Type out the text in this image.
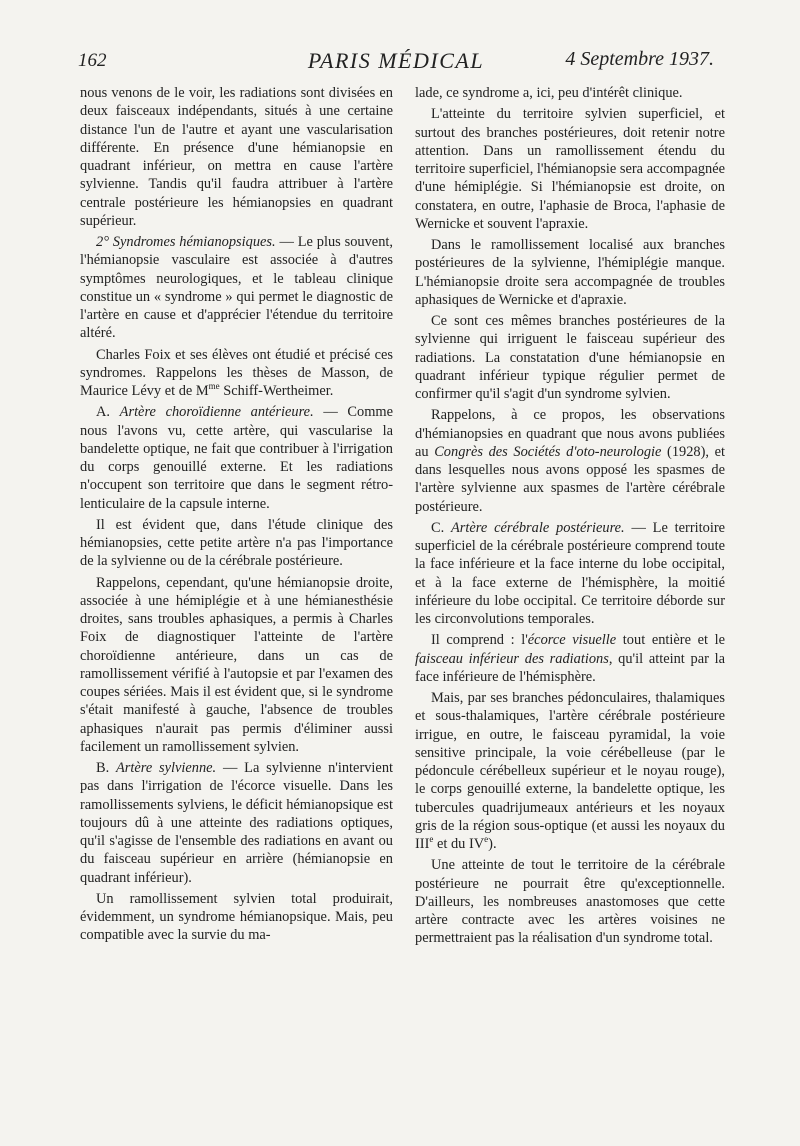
162	PARIS MÉDICAL	4 Septembre 1937.

nous venons de le voir, les radiations sont divisées en deux faisceaux indépendants, situés à une certaine distance l'un de l'autre et ayant une vascularisation différente. En présence d'une hémianopsie en quadrant inférieur, on mettra en cause l'artère sylvienne. Tandis qu'il faudra attribuer à l'artère centrale postérieure les hémianopsies en quadrant supérieur.

2° Syndromes hémianopsiques. — Le plus souvent, l'hémianopsie vasculaire est associée à d'autres symptômes neurologiques, et le tableau clinique constitue un « syndrome » qui permet le diagnostic de l'artère en cause et d'apprécier l'étendue du territoire altéré.

Charles Foix et ses élèves ont étudié et précisé ces syndromes. Rappelons les thèses de Masson, de Maurice Lévy et de $M^{me}$ Schiff-Wertheimer.

A. Artère choroïdienne antérieure. — Comme nous l'avons vu, cette artère, qui vascularise la bandelette optique, ne fait que contribuer à l'irrigation du corps genouillé externe. Et les radiations n'occupent son territoire que dans le segment rétro-lenticulaire de la capsule interne.

Il est évident que, dans l'étude clinique des hémianopsies, cette petite artère n'a pas l'importance de la sylvienne ou de la cérébrale postérieure.

Rappelons, cependant, qu'une hémianopsie droite, associée à une hémiplégie et à une hémianesthésie droites, sans troubles aphasiques, a permis à Charles Foix de diagnostiquer l'atteinte de l'artère choroïdienne antérieure, dans un cas de ramollissement vérifié à l'autopsie et par l'examen des coupes sériées. Mais il est évident que, si le syndrome s'était manifesté à gauche, l'absence de troubles aphasiques n'aurait pas permis d'éliminer aussi facilement un ramollissement sylvien.

B. Artère sylvienne. — La sylvienne n'intervient pas dans l'irrigation de l'écorce visuelle. Dans les ramollissements sylviens, le déficit hémianopsique est toujours dû à une atteinte des radiations optiques, qu'il s'agisse de l'ensemble des radiations en avant ou du faisceau supérieur en arrière (hémianopsie en quadrant inférieur).

Un ramollissement sylvien total produirait, évidemment, un syndrome hémianopsique. Mais, peu compatible avec la survie du ma-

lade, ce syndrome a, ici, peu d'intérêt clinique.

L'atteinte du territoire sylvien superficiel, et surtout des branches postérieures, doit retenir notre attention. Dans un ramollissement étendu du territoire superficiel, l'hémianopsie sera accompagnée d'une hémiplégie. Si l'hémianopsie est droite, on constatera, en outre, l'aphasie de Broca, l'aphasie de Wernicke et souvent l'apraxie.

Dans le ramollissement localisé aux branches postérieures de la sylvienne, l'hémiplégie manque. L'hémianopsie droite sera accompagnée de troubles aphasiques de Wernicke et d'apraxie.

Ce sont ces mêmes branches postérieures de la sylvienne qui irriguent le faisceau supérieur des radiations. La constatation d'une hémianopsie en quadrant inférieur typique régulier permet de confirmer qu'il s'agit d'un syndrome sylvien.

Rappelons, à ce propos, les observations d'hémianopsies en quadrant que nous avons publiées au Congrès des Sociétés d'oto-neurologie (1928), et dans lesquelles nous avons opposé les spasmes de l'artère sylvienne aux spasmes de l'artère cérébrale postérieure.

C. Artère cérébrale postérieure. — Le territoire superficiel de la cérébrale postérieure comprend toute la face inférieure et la face interne du lobe occipital, et à la face externe de l'hémisphère, la moitié inférieure du lobe occipital. Ce territoire déborde sur les circonvolutions temporales.

Il comprend : l'écorce visuelle tout entière et le faisceau inférieur des radiations, qu'il atteint par la face inférieure de l'hémisphère.

Mais, par ses branches pédonculaires, thalamiques et sous-thalamiques, l'artère cérébrale postérieure irrigue, en outre, le faisceau pyramidal, la voie sensitive principale, la voie cérébelleuse (par le pédoncule cérébelleux supérieur et le noyau rouge), le corps genouillé externe, la bandelette optique, les tubercules quadrijumeaux antérieurs et les noyaux gris de la région sous-optique (et aussi les noyaux du IIIe et du IVe).

Une atteinte de tout le territoire de la cérébrale postérieure ne pourrait être qu'exceptionnelle. D'ailleurs, les nombreuses anastomoses que cette artère contracte avec les artères voisines ne permettraient pas la réalisation d'un syndrome total.
